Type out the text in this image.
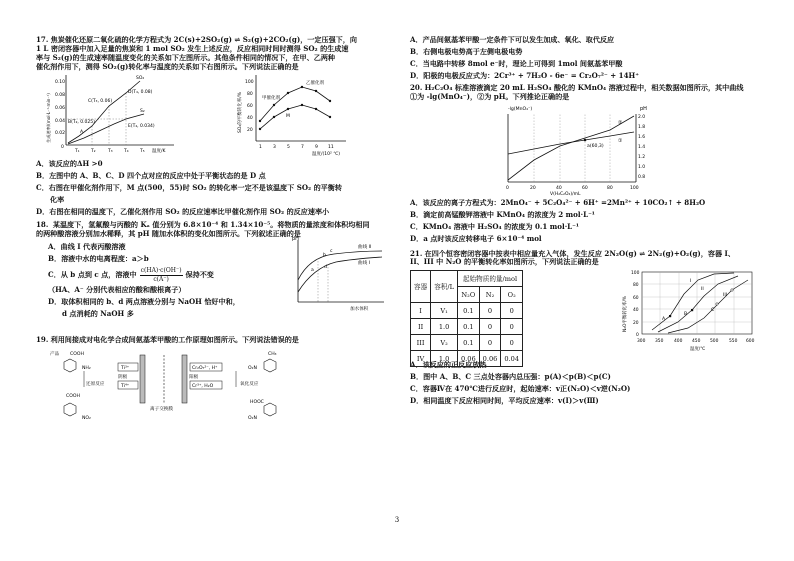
17. 焦炭催化还原二氧化硫的化学方程式为 2C(s)+2SO₂(g) ⇌ S₂(g)+2CO₂(g)，一定压强下，向
1 L 密闭容器中加入足量的焦炭和 1 mol SO₂ 发生上述反应，反应相同时间时测得 SO₂ 的生成速
率与 S₂(g)的生成速率随温度变化的关系如下左图所示。其他条件相同的情况下，在甲、乙两种
催化剂作用下，测得 SO₂(g)转化率与温度的关系如下右图所示。下列说法正确的是
0.10
0.08
0.06
0.04
0.02
0
T₁	T₂	T₃	T₄	T₅ 温度/K
生成速率/(mol·L⁻¹·min⁻¹)
SO₂
S₂
C(T₃, 0.06)
D(T₄, 0.08)
B(T₂, 0.025)
E(T₄, 0.034)
A
100
80
60
40
20
1 3 5 7 9 11
温度/(10² ℃)
SO₂的平衡转化率/%
乙催化剂
甲催化剂
M
A．该反应的ΔH >0
B．左图中的 A、B、C、D 四个点对应的反应中处于平衡状态的是 D 点
C．右图在甲催化剂作用下，M 点(500，55)时 SO₂ 的转化率一定不是该温度下 SO₂ 的平衡转
化率
D．右图在相同的温度下，乙催化剂作用 SO₂ 的反应速率比甲催化剂作用 SO₂ 的反应速率小
18. 某温度下，氢氟酸与丙酸的 Kₐ 值分别为 6.8×10⁻⁴ 和 1.34×10⁻⁵。将物质的量浓度和体积均相同
的两种酸溶液分别加水稀释，其 pH 随加水体积的变化如图所示。下列叙述正确的是
A．曲线 I 代表丙酸溶液
B．溶液中水的电离程度：a＞b
C．从 b 点到 c 点，溶液中 $\frac{c(HA)\cdot c(OH^-)}{c(A^-)}$ 保持不变
（HA、A⁻ 分别代表相应的酸和酸根离子）
D．取体积相同的 b、d 两点溶液分别与 NaOH 恰好中和，
d 点消耗的 NaOH 多
pH
加水体积
曲线 II
曲线 I
a
b
c
d
19. 利用间接成对电化学合成间氨基苯甲酸的工作原理如图所示。下列说法错误的是
产品 COOH
NH₂
COOH
NO₂
还原反应
Ti³⁺
Ti⁴⁺
阴极
离子交换膜
阳极
Cr₂O₇²⁻, H⁺
Cr³⁺, H₂O	氧化反应
CH₃
O₂N
HOOC
O₂N
A．产品间氨基苯甲酸一定条件下可以发生加成、氧化、取代反应
B．右侧电极电势高于左侧电极电势
C．当电路中转移 8mol e⁻时，理论上可得到 1mol 间氨基苯甲酸
D．阳极的电极反应式为：2Cr³⁺ + 7H₂O - 6e⁻ = Cr₂O₇²⁻ + 14H⁺
20. H₂C₂O₄ 标准溶液滴定 20 mL H₂SO₄ 酸化的 KMnO₄ 溶液过程中，相关数据如图所示，其中曲线
①为 -lg(MnO₄⁻)，②为 pH。下列推论正确的是
-lg(MnO₄⁻)	pH
2.0
1.8
1.6
1.4
1.2
1.0
0.8
0	20	40	60	80	100
V(H₂C₂O₄)/mL
a(60,3)
②
①
A．该反应的离子方程式为：2MnO₄⁻ + 5C₂O₄²⁻ + 6H⁺ =2Mn²⁺ + 10CO₂↑ + 8H₂O
B．滴定前高锰酸钾溶液中 KMnO₄ 的浓度为 2 mol·L⁻¹
C．KMnO₄ 溶液中 H₂SO₄ 的浓度为 0.1 mol·L⁻¹
D．a 点时该反应转移电子 6×10⁻⁴ mol
21. 在四个恒容密闭容器中按表中相应量充入气体，发生反应 2N₂O(g) ⇌ 2N₂(g)+O₂(g)，容器 I、
II、III 中 N₂O 的平衡转化率如图所示，下列说法正确的是
容器	容积/L	起始物质的量/mol		
		N₂O	N₂	O₂
I	V₁	0.1	0	0
II	1.0	0.1	0	0
III	V₂	0.1	0	0
IV	1.0	0.06	0.06	0.04
100
80
60
40
20
0
300 350 400 450 500 550 600
温度/℃
N₂O平衡转化率/%	A
B
C
I
II
III
A．该反应的正反应放热
B．图中 A、B、C 三点处容器内总压强：p(A)＜p(B)＜p(C)
C．容器Ⅳ在 470℃进行反应时，起始速率：v正(N₂O)＜v逆(N₂O)
D．相同温度下反应相同时间，平均反应速率：v(Ⅰ)＞v(Ⅲ)
3
